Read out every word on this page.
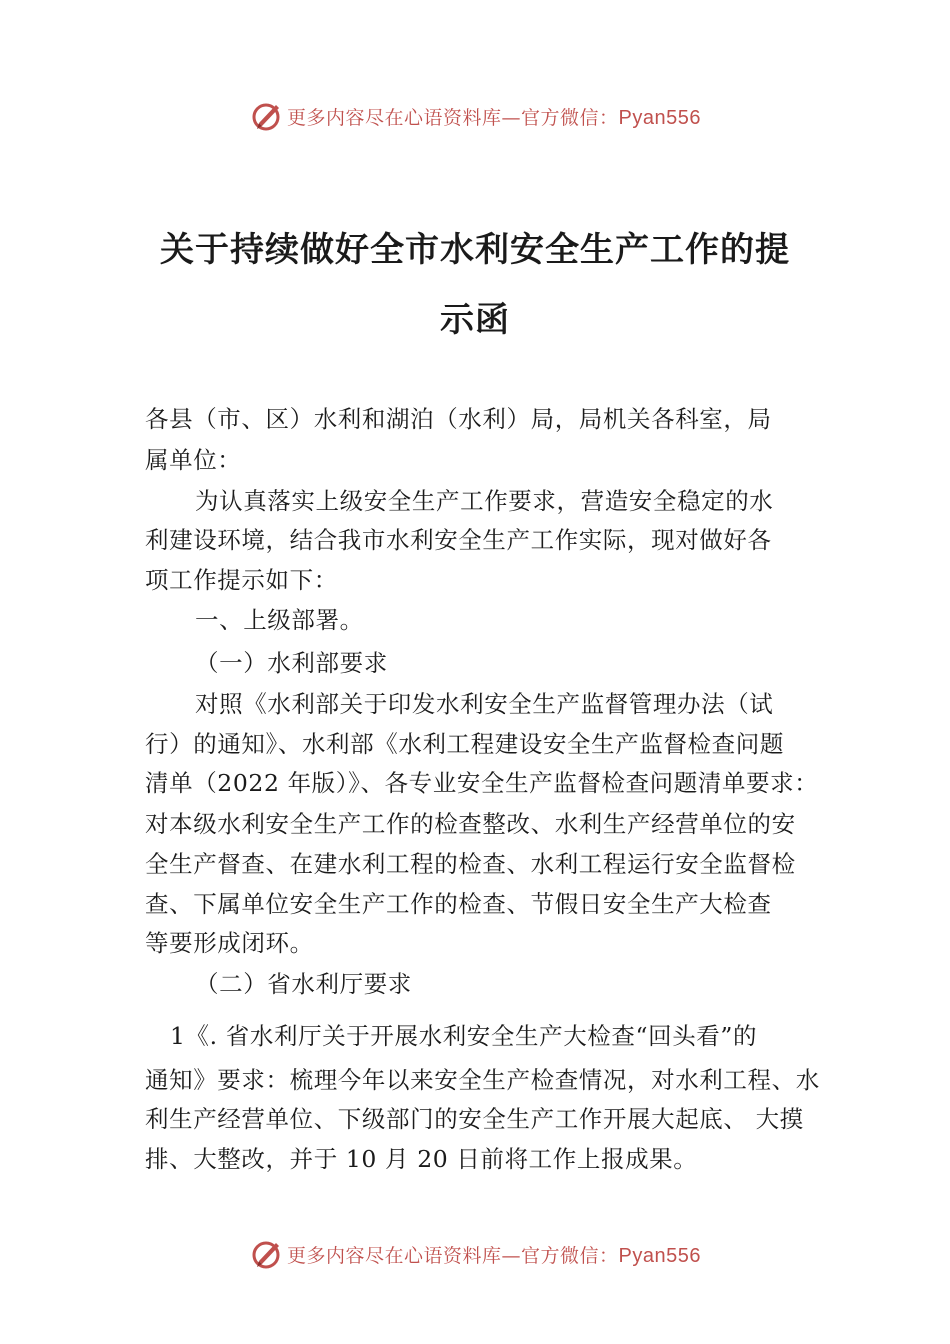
更多内容尽在心语资料库—官方微信：Pyan556
关于持续做好全市水利安全生产工作的提
示函
各县（市、区）水利和湖泊（水利）局，局机关各科室，局
属单位：
为认真落实上级安全生产工作要求，营造安全稳定的水
利建设环境，结合我市水利安全生产工作实际，现对做好各
项工作提示如下：
一、上级部署。
（一）水利部要求
对照《水利部关于印发水利安全生产监督管理办法（试
行）的通知》、水利部《水利工程建设安全生产监督检查问题
清单（2022 年版）》、各专业安全生产监督检查问题清单要求：
对本级水利安全生产工作的检查整改、水利生产经营单位的安
全生产督查、在建水利工程的检查、水利工程运行安全监督检
查、下属单位安全生产工作的检查、节假日安全生产大检查
等要形成闭环。
（二）省水利厅要求
1《. 省水利厅关于开展水利安全生产大检查“回头看”的
通知》要求：梳理今年以来安全生产检查情况，对水利工程、水
利生产经营单位、下级部门的安全生产工作开展大起底、 大摸
排、大整改，并于 10 月 20 日前将工作上报成果。
更多内容尽在心语资料库—官方微信：Pyan556
